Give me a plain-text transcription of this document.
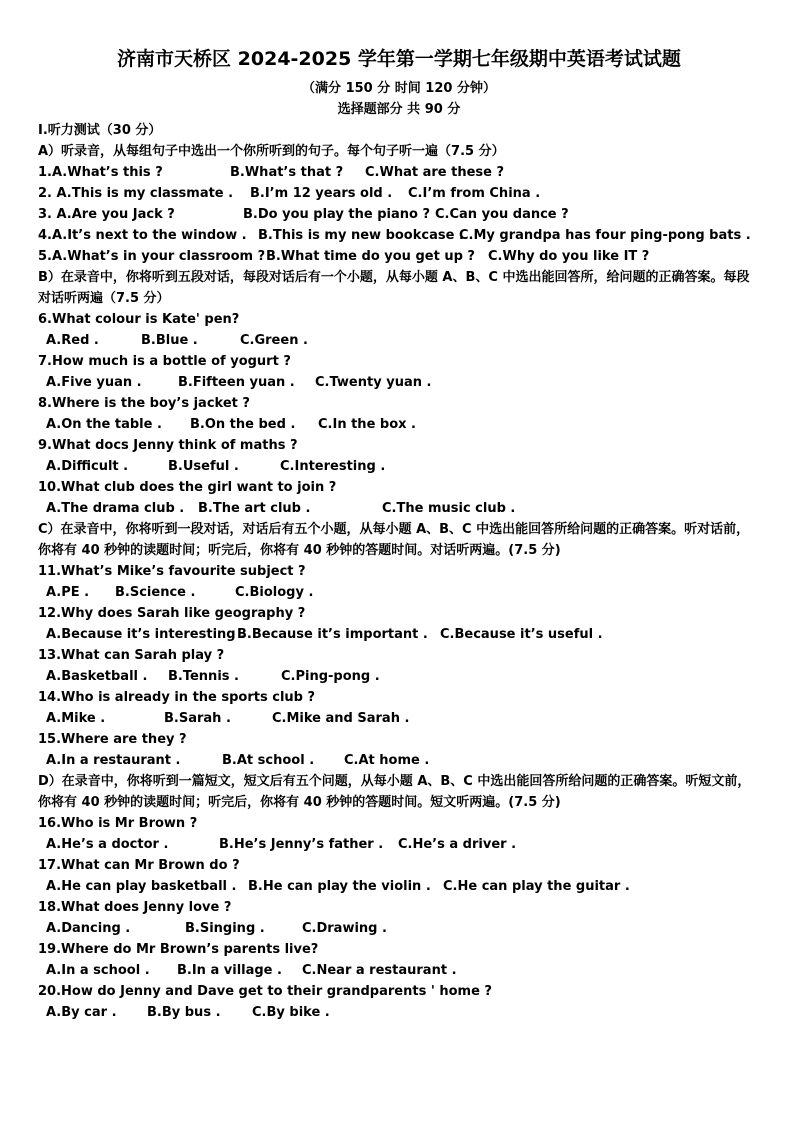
济南市天桥区 2024-2025 学年第一学期七年级期中英语考试试题
（满分 150 分 时间 120 分钟）
选择题部分 共 90 分
I.听力测试（30 分）
A）听录音，从每组句子中选出一个你所听到的句子。每个句子听一遍（7.5 分）
1.A.What’s this ?	B.What’s that ? C.What are these ?
2. A.This is my classmate . B.I’m 12 years old . C.I’m from China .
3. A.Are you Jack ?	B.Do you play the piano ? C.Can you dance ?
4.A.It’s next to the window . B.This is my new bookcase .
C.My grandpa has four ping-pong bats .
5.A.What’s in your classroom ? B.What time do you get up ? C.Why do you like IT ?
B）在录音中，你将听到五段对话，每段对话后有一个小题，从每小题 A、B、C 中选出能回答所，给问题的正确答案。每段对话听两遍（7.5 分）
6.What colour is Kate' pen?
A.Red .	B.Blue .	C.Green .
7.How much is a bottle of yogurt ?
A.Five yuan .	B.Fifteen yuan . C.Twenty yuan .
8.Where is the boy’s jacket ?
A.On the table . B.On the bed . C.In the box .
9.What docs Jenny think of maths ?
A.Difficult .	B.Useful .	C.Interesting .
10.What club does the girl want to join ?
A.The drama club . B.The art club .	C.The music club .
C）在录音中，你将听到一段对话，对话后有五个小题，从每小题 A、B、C 中选出能回答所给问题的正确答案。听对话前，你将有 40 秒钟的读题时间；听完后，你将有 40 秒钟的答题时间。对话听两遍。(7.5 分)
11.What’s Mike’s favourite subject ?
A.PE . B.Science .	C.Biology .
12.Why does Sarah like geography ?
A.Because it’s interesting .
B.Because it’s important . C.Because it’s useful .
13.What can Sarah play ?
A.Basketball . B.Tennis .	C.Ping-pong .
14.Who is already in the sports club ?
A.Mike .	B.Sarah .	C.Mike and Sarah .
15.Where are they ?
A.In a restaurant .	B.At school . C.At home .
D）在录音中，你将听到一篇短文，短文后有五个问题，从每小题 A、B、C 中选出能回答所给问题的正确答案。听短文前，你将有 40 秒钟的读题时间；听完后，你将有 40 秒钟的答题时间。短文听两遍。(7.5 分)
16.Who is Mr Brown ?
A.He’s a doctor .	B.He’s Jenny’s father . C.He’s a driver .
17.What can Mr Brown do ?
A.He can play basketball . B.He can play the violin . C.He can play the guitar .
18.What does Jenny love ?
A.Dancing .	B.Singing .	C.Drawing .
19.Where do Mr Brown’s parents live?
A.In a school . B.In a village . C.Near a restaurant .
20.How do Jenny and Dave get to their grandparents ' home ?
A.By car . B.By bus . C.By bike .
